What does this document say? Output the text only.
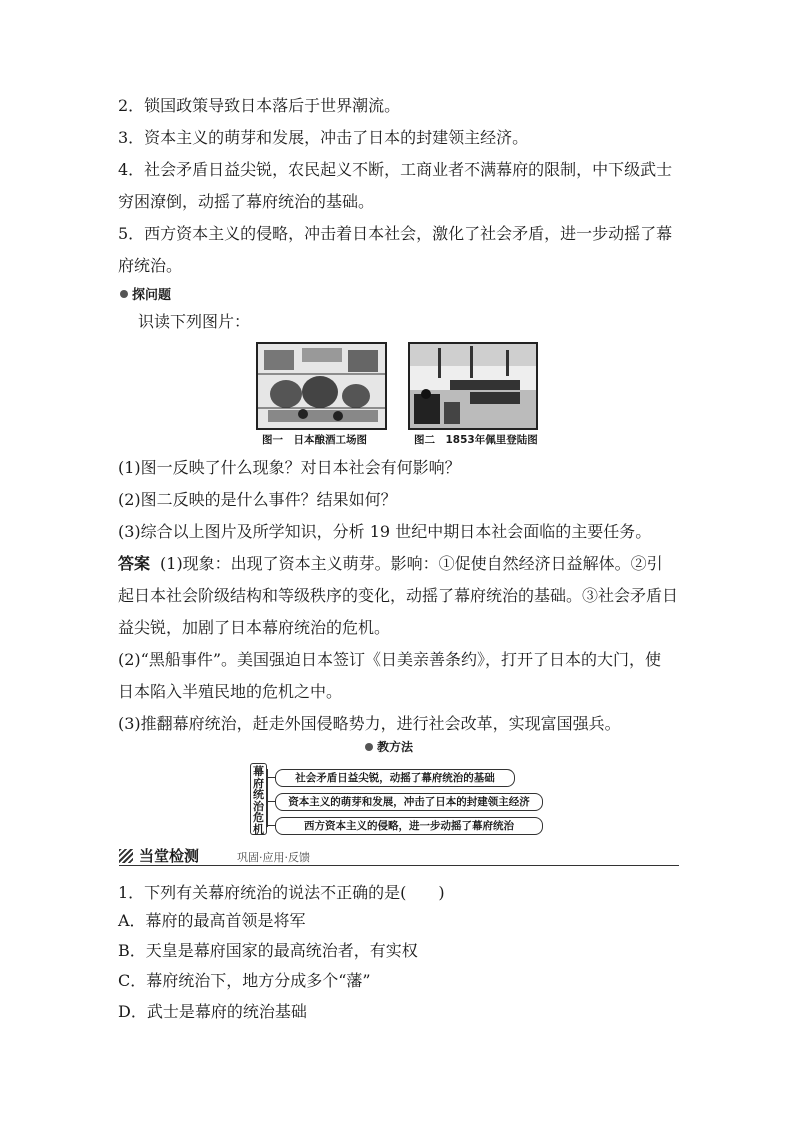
2．锁国政策导致日本落后于世界潮流。
3．资本主义的萌芽和发展，冲击了日本的封建领主经济。
4．社会矛盾日益尖锐，农民起义不断，工商业者不满幕府的限制，中下级武士
穷困潦倒，动摇了幕府统治的基础。
5．西方资本主义的侵略，冲击着日本社会，激化了社会矛盾，进一步动摇了幕
府统治。
探问题
识读下列图片：
图一　日本酿酒工场图	图二　1853年佩里登陆图
(1)图一反映了什么现象？对日本社会有何影响？
(2)图二反映的是什么事件？结果如何？
(3)综合以上图片及所学知识，分析 19 世纪中期日本社会面临的主要任务。
答案 (1)现象：出现了资本主义萌芽。影响：①促使自然经济日益解体。②引
起日本社会阶级结构和等级秩序的变化，动摇了幕府统治的基础。③社会矛盾日
益尖锐，加剧了日本幕府统治的危机。
(2)“黑船事件”。美国强迫日本签订《日美亲善条约》，打开了日本的大门，使
日本陷入半殖民地的危机之中。
(3)推翻幕府统治，赶走外国侵略势力，进行社会改革，实现富国强兵。
教方法
幕
府
统
治
危
机
社会矛盾日益尖锐，动摇了幕府统治的基础
资本主义的萌芽和发展，冲击了日本的封建领主经济
西方资本主义的侵略，进一步动摇了幕府统治
当堂检测	巩固·应用·反馈
1．下列有关幕府统治的说法不正确的是(　　)
A．幕府的最高首领是将军
B．天皇是幕府国家的最高统治者，有实权
C．幕府统治下，地方分成多个“藩”
D．武士是幕府的统治基础
